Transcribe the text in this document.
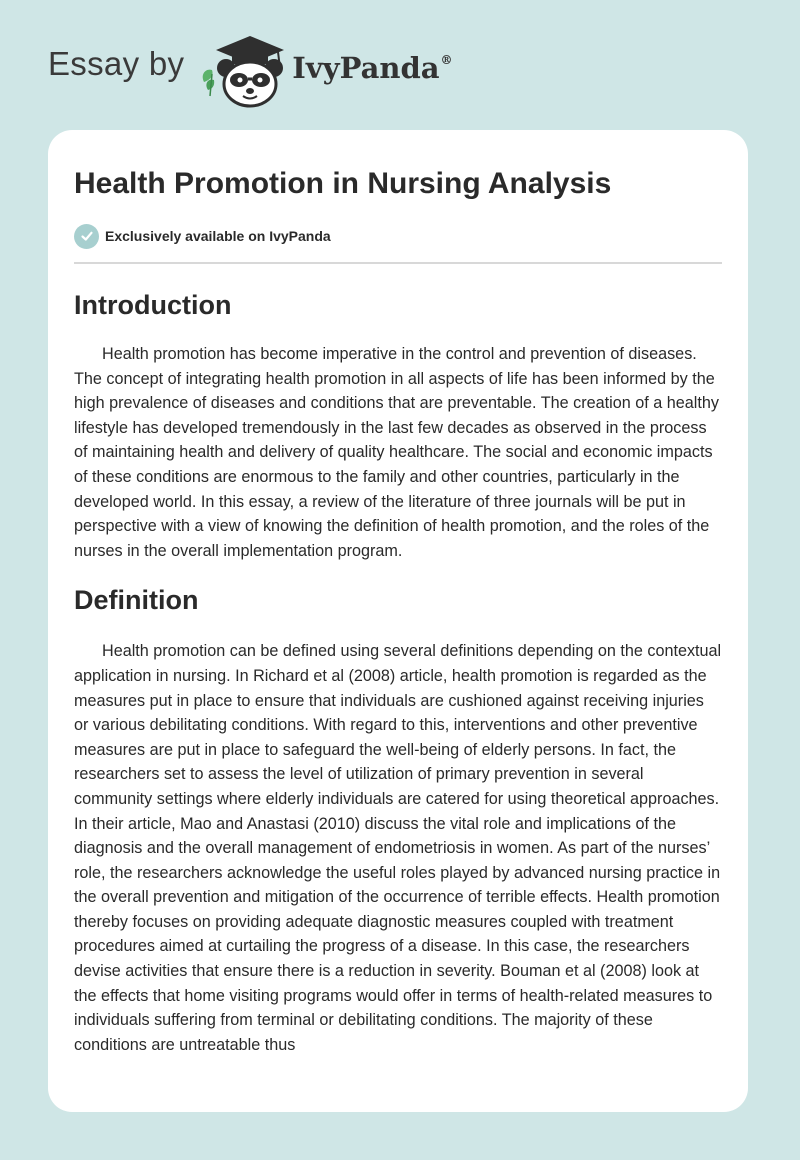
Essay by	IvyPanda®
Health Promotion in Nursing Analysis
Exclusively available on IvyPanda
Introduction

Health promotion has become imperative in the control and prevention of diseases. The concept of integrating health promotion in all aspects of life has been informed by the high prevalence of diseases and conditions that are preventable. The creation of a healthy lifestyle has developed tremendously in the last few decades as observed in the process of maintaining health and delivery of quality healthcare. The social and economic impacts of these conditions are enormous to the family and other countries, particularly in the developed world. In this essay, a review of the literature of three journals will be put in perspective with a view of knowing the definition of health promotion, and the roles of the nurses in the overall implementation program.

Definition

Health promotion can be defined using several definitions depending on the contextual application in nursing. In Richard et al (2008) article, health promotion is regarded as the measures put in place to ensure that individuals are cushioned against receiving injuries or various debilitating conditions. With regard to this, interventions and other preventive measures are put in place to safeguard the well-being of elderly persons. In fact, the researchers set to assess the level of utilization of primary prevention in several community settings where elderly individuals are catered for using theoretical approaches. In their article, Mao and Anastasi (2010) discuss the vital role and implications of the diagnosis and the overall management of endometriosis in women. As part of the nurses’ role, the researchers acknowledge the useful roles played by advanced nursing practice in the overall prevention and mitigation of the occurrence of terrible effects. Health promotion thereby focuses on providing adequate diagnostic measures coupled with treatment procedures aimed at curtailing the progress of a disease. In this case, the researchers devise activities that ensure there is a reduction in severity. Bouman et al (2008) look at the effects that home visiting programs would offer in terms of health-related measures to individuals suffering from terminal or debilitating conditions. The majority of these conditions are untreatable thus
